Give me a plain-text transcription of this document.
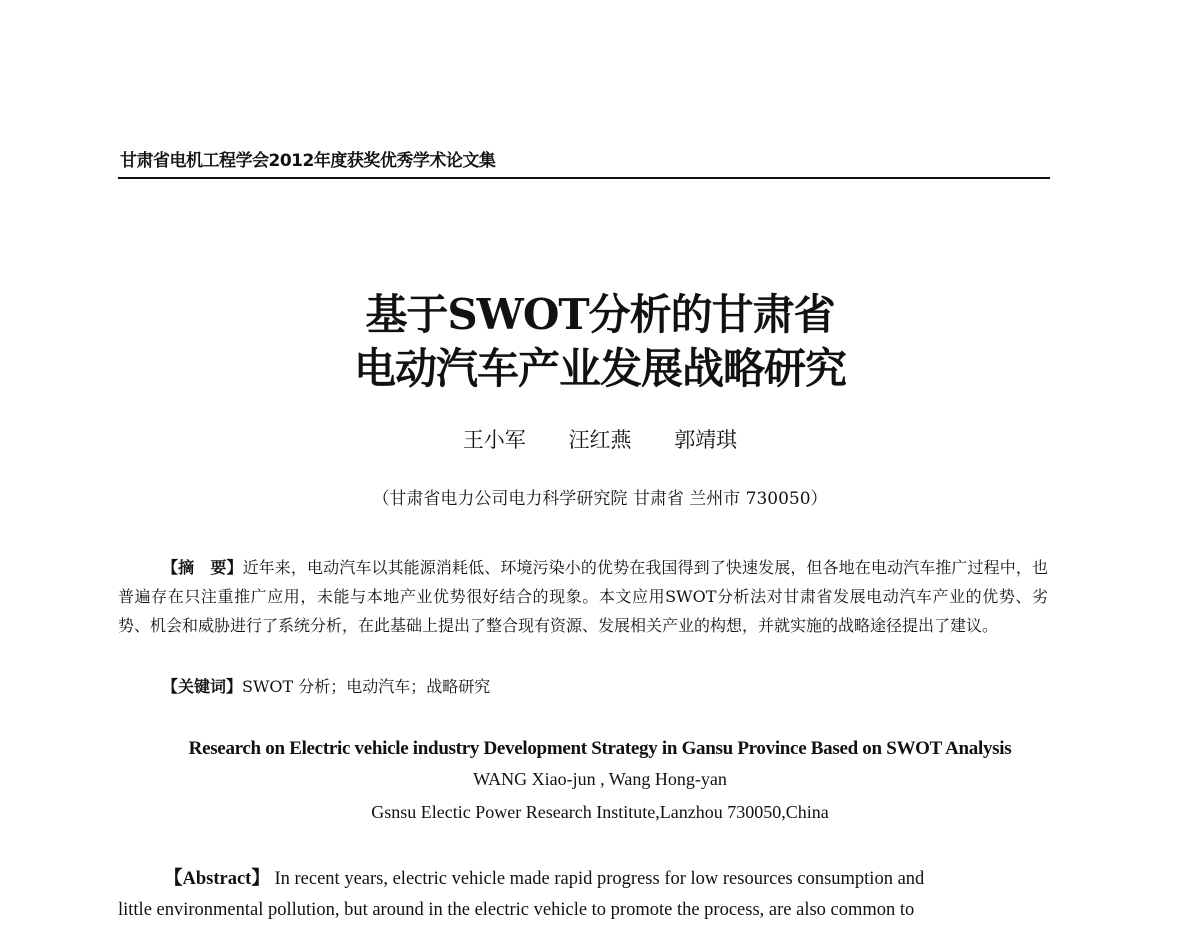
甘肃省电机工程学会2012年度获奖优秀学术论文集
基于SWOT分析的甘肃省
电动汽车产业发展战略研究
王小军 汪红燕 郭靖琪
（甘肃省电力公司电力科学研究院 甘肃省 兰州市 730050）

【摘　要】近年来，电动汽车以其能源消耗低、环境污染小的优势在我国得到了快速发展，但各地在电动汽车推广过程中，也普遍存在只注重推广应用，未能与本地产业优势很好结合的现象。本文应用SWOT分析法对甘肃省发展电动汽车产业的优势、劣势、机会和威胁进行了系统分析，在此基础上提出了整合现有资源、发展相关产业的构想，并就实施的战略途径提出了建议。

【关键词】SWOT 分析；电动汽车；战略研究
Research on Electric vehicle industry Development Strategy in Gansu Province Based on SWOT Analysis
WANG Xiao-jun , Wang Hong-yan
Gsnsu Electic Power Research Institute,Lanzhou 730050,China

【Abstract】 In recent years, electric vehicle made rapid progress for low resources consumption and

little environmental pollution, but around in the electric vehicle to promote the process, are also common to
